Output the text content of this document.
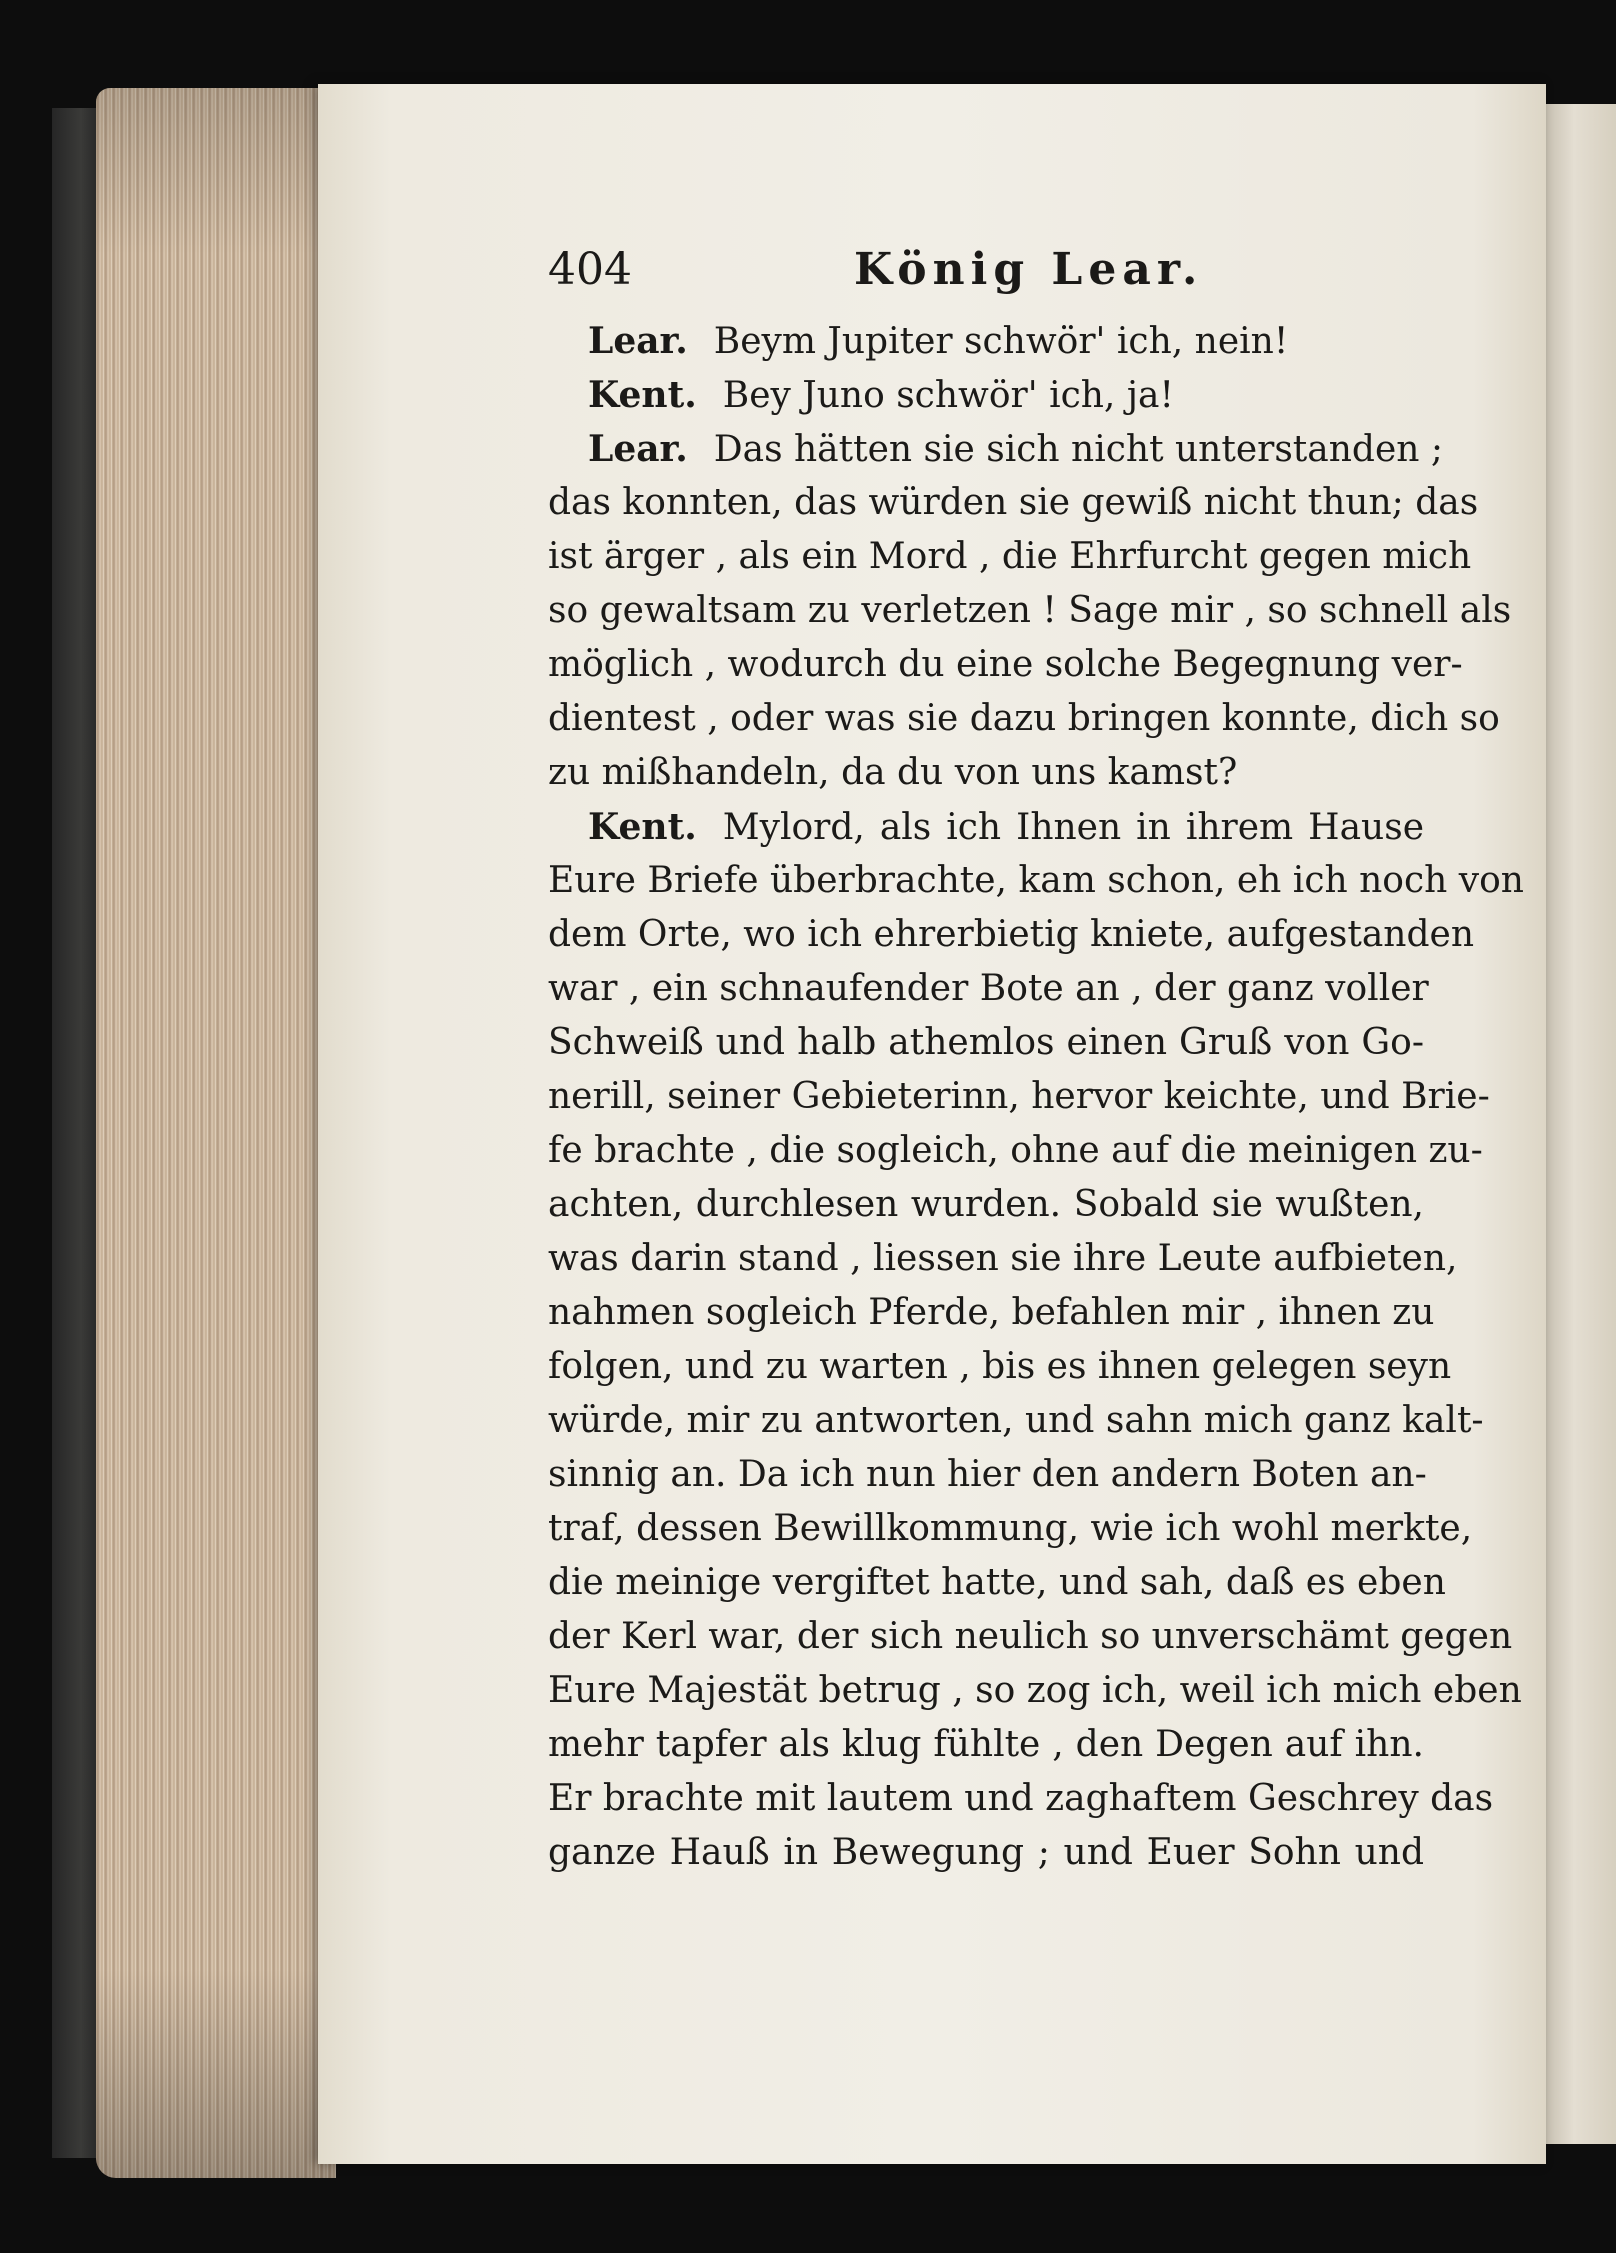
404	König Lear.
Lear. Beym Jupiter schwör' ich, nein!
Kent. Bey Juno schwör' ich, ja!
Lear. Das hätten sie sich nicht unterstanden ;
das konnten, das würden sie gewiß nicht thun; das
ist ärger , als ein Mord , die Ehrfurcht gegen mich
so gewaltsam zu verletzen ! Sage mir , so schnell als
möglich , wodurch du eine solche Begegnung ver-
dientest , oder was sie dazu bringen konnte, dich so
zu mißhandeln, da du von uns kamst?
Kent. Mylord, als ich Ihnen in ihrem Hause
Eure Briefe überbrachte, kam schon, eh ich noch von
dem Orte, wo ich ehrerbietig kniete, aufgestanden
war , ein schnaufender Bote an , der ganz voller
Schweiß und halb athemlos einen Gruß von Go-
nerill, seiner Gebieterinn, hervor keichte, und Brie-
fe brachte , die sogleich, ohne auf die meinigen zu-
achten, durchlesen wurden. Sobald sie wußten,
was darin stand , liessen sie ihre Leute aufbieten,
nahmen sogleich Pferde, befahlen mir , ihnen zu
folgen, und zu warten , bis es ihnen gelegen seyn
würde, mir zu antworten, und sahn mich ganz kalt-
sinnig an. Da ich nun hier den andern Boten an-
traf, dessen Bewillkommung, wie ich wohl merkte,
die meinige vergiftet hatte, und sah, daß es eben
der Kerl war, der sich neulich so unverschämt gegen
Eure Majestät betrug , so zog ich, weil ich mich eben
mehr tapfer als klug fühlte , den Degen auf ihn.
Er brachte mit lautem und zaghaftem Geschrey das
ganze Hauß in Bewegung ; und Euer Sohn und
